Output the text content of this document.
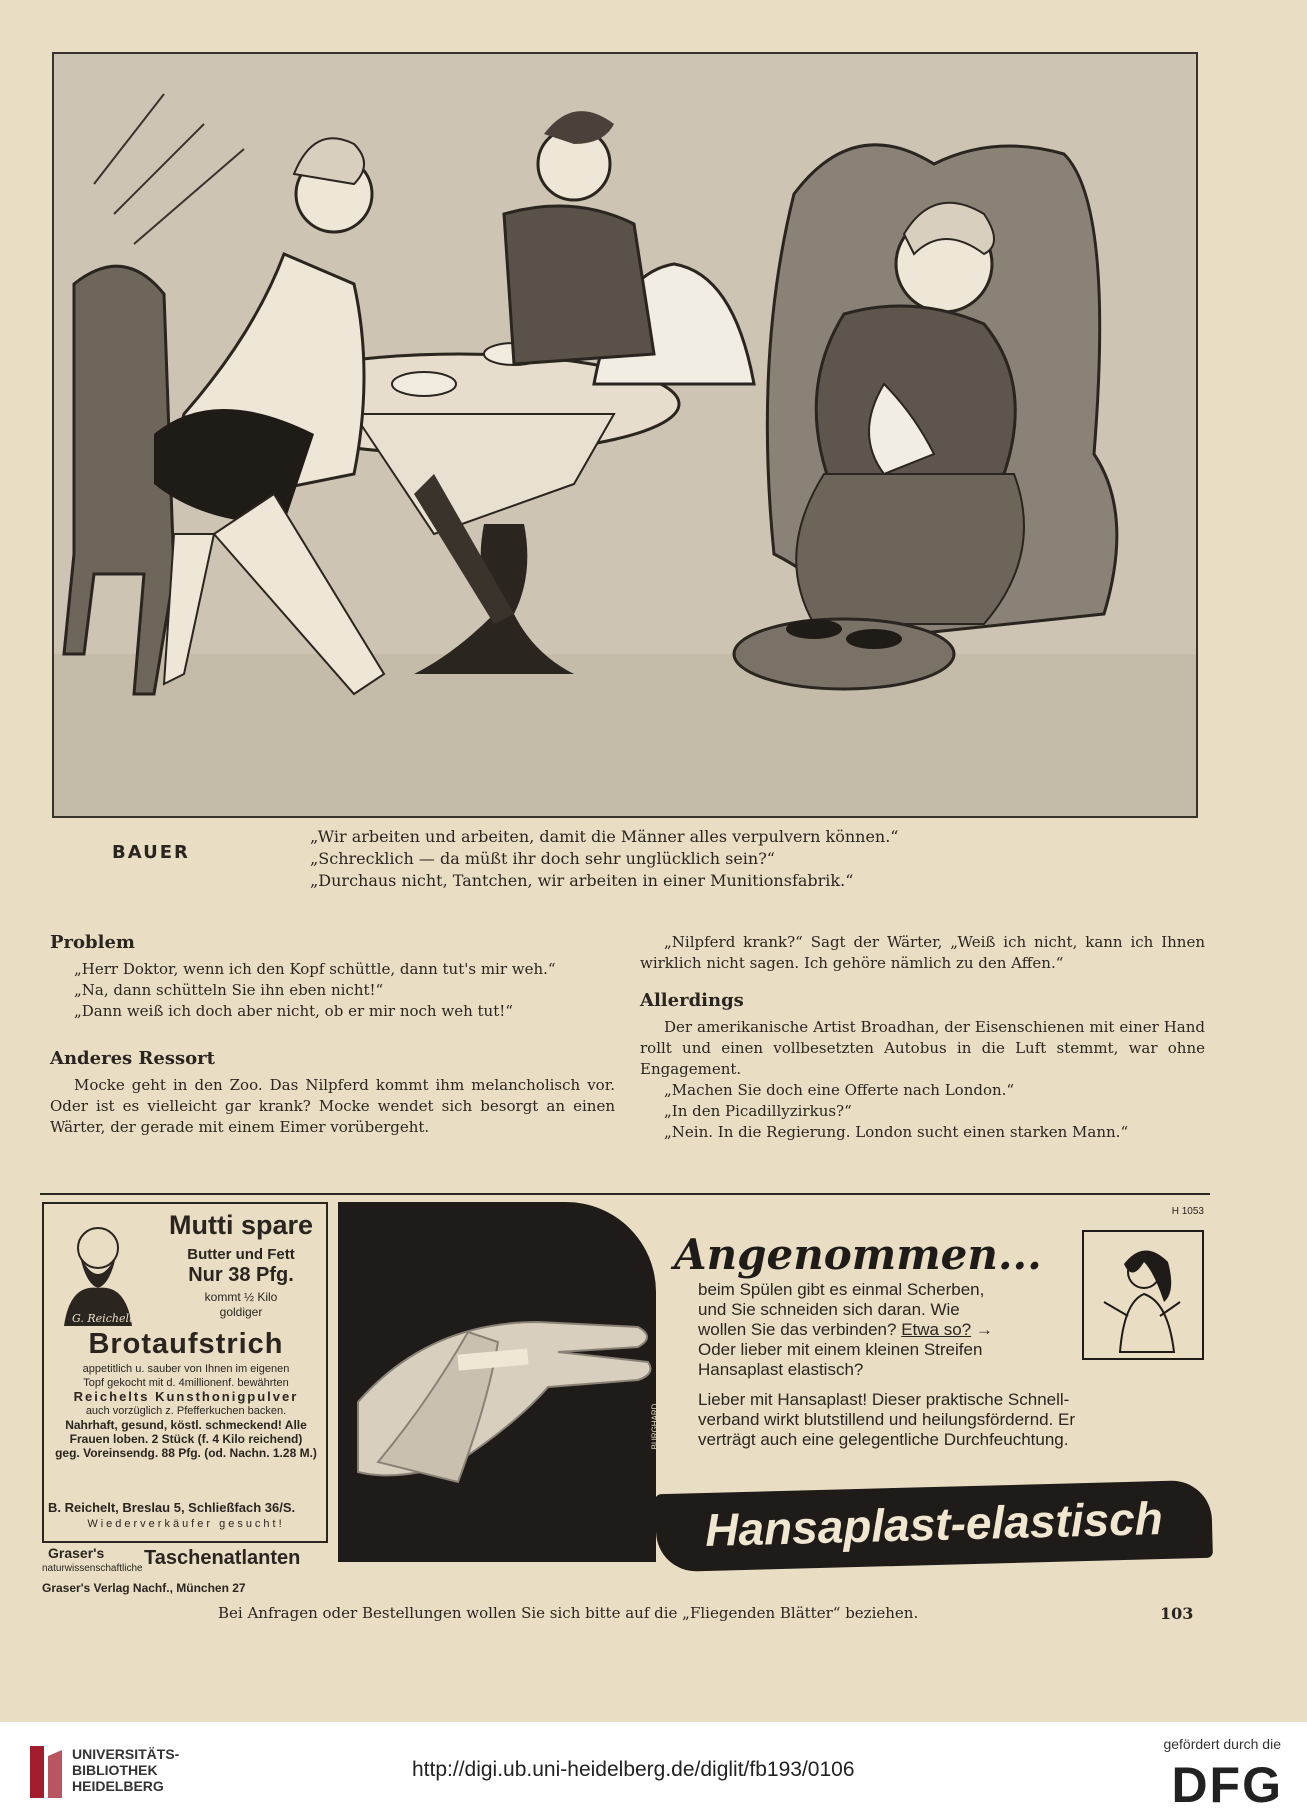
BAUER
„Wir arbeiten und arbeiten, damit die Männer alles verpulvern können.“
„Schrecklich — da müßt ihr doch sehr unglücklich sein?“
„Durchaus nicht, Tantchen, wir arbeiten in einer Munitionsfabrik.“
Problem
„Herr Doktor, wenn ich den Kopf schüttle, dann tut's mir weh.“
„Na, dann schütteln Sie ihn eben nicht!“
„Dann weiß ich doch aber nicht, ob er mir noch weh tut!“
Anderes Ressort
Mocke geht in den Zoo. Das Nilpferd kommt ihm melancholisch vor. Oder ist es vielleicht gar krank? Mocke wendet sich besorgt an einen Wärter, der gerade mit einem Eimer vorübergeht.
„Nilpferd krank?“ Sagt der Wärter, „Weiß ich nicht, kann ich Ihnen wirklich nicht sagen. Ich gehöre nämlich zu den Affen.“
Allerdings
Der amerikanische Artist Broadhan, der Eisenschienen mit einer Hand rollt und einen vollbesetzten Autobus in die Luft stemmt, war ohne Engagement.
„Machen Sie doch eine Offerte nach London.“
„In den Picadillyzirkus?“
„Nein. In die Regierung. London sucht einen starken Mann.“
G. Reichelt
Mutti spare
Butter und Fett
Nur 38 Pfg.
kommt ½ Kilo
goldiger
Brotaufstrich
appetitlich u. sauber von Ihnen im eigenen
Topf gekocht mit d. 4millionenf. bewährten
Reichelts Kunsthonigpulver
auch vorzüglich z. Pfefferkuchen backen.
Nahrhaft, gesund, köstl. schmeckend! Alle
Frauen loben. 2 Stück (f. 4 Kilo reichend)
geg. Voreinsendg. 88 Pfg. (od. Nachn. 1.28 M.)
B. Reichelt, Breslau 5, Schließfach 36/S.
Wiederverkäufer gesucht!
Graser's
naturwissenschaftliche Taschenatlanten
Graser's Verlag Nachf., München 27
BURGHARD
H 1053
Angenommen...
beim Spülen gibt es einmal Scherben,
und Sie schneiden sich daran. Wie
wollen Sie das verbinden? Etwa so? →
Oder lieber mit einem kleinen Streifen
Hansaplast elastisch?
Lieber mit Hansaplast! Dieser praktische Schnell-
verband wirkt blutstillend und heilungsfördernd. Er
verträgt auch eine gelegentliche Durchfeuchtung.
Hansaplast-elastisch
Bei Anfragen oder Bestellungen wollen Sie sich bitte auf die „Fliegenden Blätter“ beziehen.	103
UNIVERSITÄTS-
BIBLIOTHEK
HEIDELBERG
http://digi.ub.uni-heidelberg.de/diglit/fb193/0106
gefördert durch die
DFG
